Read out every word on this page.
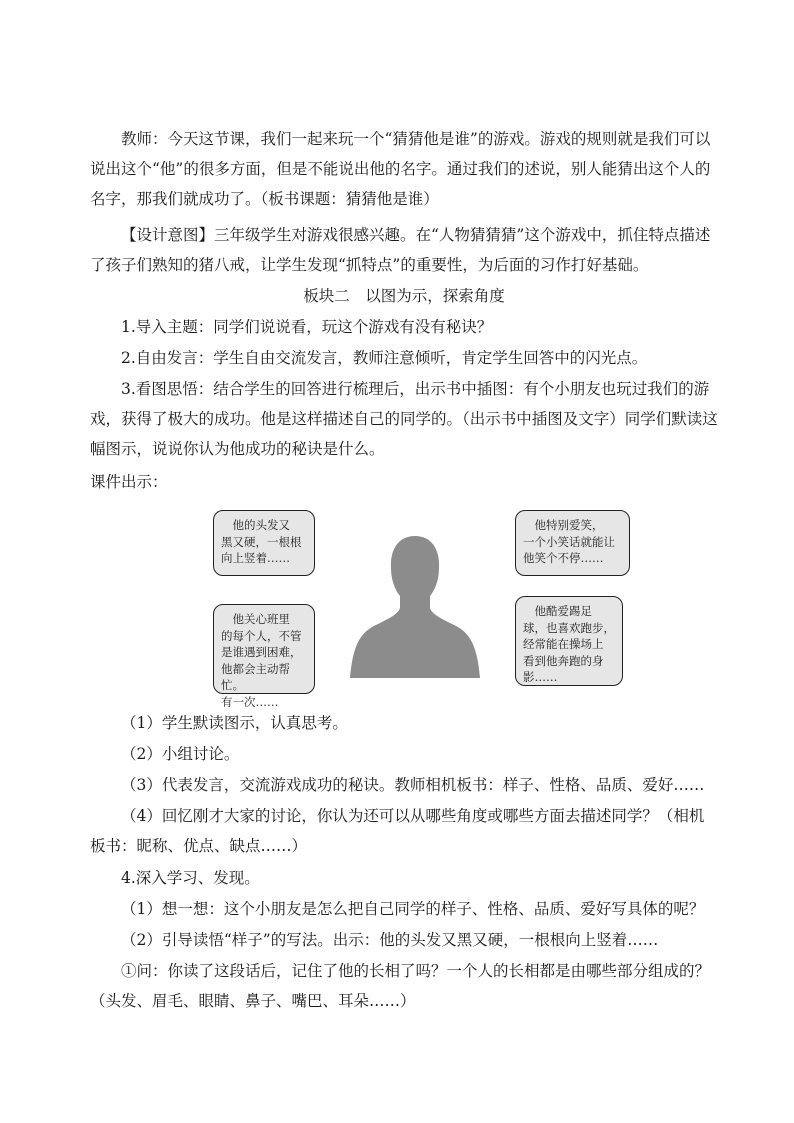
教师：今天这节课，我们一起来玩一个“猜猜他是谁”的游戏。游戏的规则就是我们可以说出这个“他”的很多方面，但是不能说出他的名字。通过我们的述说，别人能猜出这个人的名字，那我们就成功了。（板书课题：猜猜他是谁）

【设计意图】三年级学生对游戏很感兴趣。在“人物猜猜猜”这个游戏中，抓住特点描述了孩子们熟知的猪八戒，让学生发现“抓特点”的重要性，为后面的习作打好基础。

板块二　以图为示，探索角度

1.导入主题：同学们说说看，玩这个游戏有没有秘诀？

2.自由发言：学生自由交流发言，教师注意倾听，肯定学生回答中的闪光点。

3.看图思悟：结合学生的回答进行梳理后，出示书中插图：有个小朋友也玩过我们的游戏，获得了极大的成功。他是这样描述自己的同学的。（出示书中插图及文字）同学们默读这幅图示，说说你认为他成功的秘诀是什么。

课件出示：

　他的头发又
黑又硬，一根根
向上竖着……
　他特别爱笑，
一个小笑话就能让
他笑个不停……
　他关心班里
的每个人，不管
是谁遇到困难，
他都会主动帮忙。
有一次……
　他酷爱踢足
球，也喜欢跑步，
经常能在操场上
看到他奔跑的身
影……

（1）学生默读图示，认真思考。

（2）小组讨论。

（3）代表发言，交流游戏成功的秘诀。教师相机板书：样子、性格、品质、爱好……

（4）回忆刚才大家的讨论，你认为还可以从哪些角度或哪些方面去描述同学？（相机板书：昵称、优点、缺点……）

4.深入学习、发现。

（1）想一想：这个小朋友是怎么把自己同学的样子、性格、品质、爱好写具体的呢？

（2）引导读悟“样子”的写法。出示：他的头发又黑又硬，一根根向上竖着……

①问：你读了这段话后，记住了他的长相了吗？一个人的长相都是由哪些部分组成的？（头发、眉毛、眼睛、鼻子、嘴巴、耳朵……）
